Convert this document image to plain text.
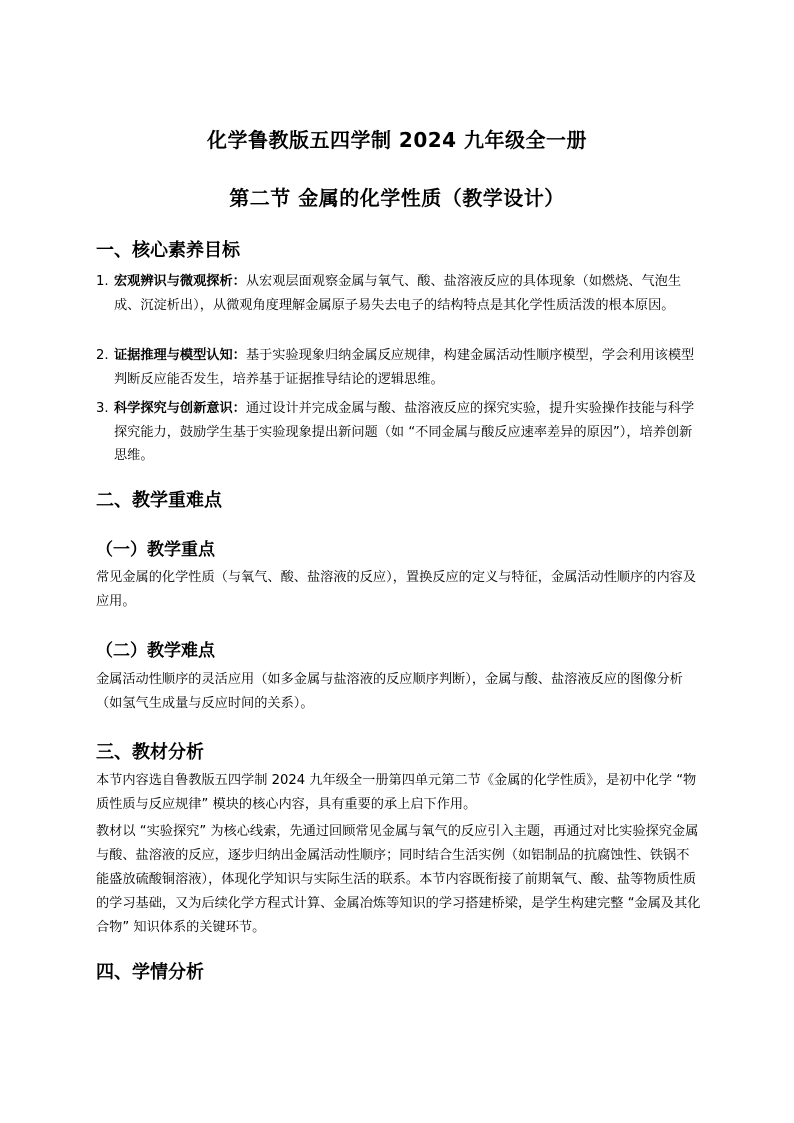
化学鲁教版五四学制 2024 九年级全一册
第二节 金属的化学性质（教学设计）
一、核心素养目标
1. 宏观辨识与微观探析：从宏观层面观察金属与氧气、酸、盐溶液反应的具体现象（如燃烧、气泡生成、沉淀析出），从微观角度理解金属原子易失去电子的结构特点是其化学性质活泼的根本原因。
2. 证据推理与模型认知：基于实验现象归纳金属反应规律，构建金属活动性顺序模型，学会利用该模型判断反应能否发生，培养基于证据推导结论的逻辑思维。
3. 科学探究与创新意识：通过设计并完成金属与酸、盐溶液反应的探究实验，提升实验操作技能与科学探究能力，鼓励学生基于实验现象提出新问题（如 “不同金属与酸反应速率差异的原因”），培养创新思维。
二、教学重难点
（一）教学重点
常见金属的化学性质（与氧气、酸、盐溶液的反应），置换反应的定义与特征，金属活动性顺序的内容及应用。
（二）教学难点
金属活动性顺序的灵活应用（如多金属与盐溶液的反应顺序判断），金属与酸、盐溶液反应的图像分析（如氢气生成量与反应时间的关系）。
三、教材分析
本节内容选自鲁教版五四学制 2024 九年级全一册第四单元第二节《金属的化学性质》，是初中化学 “物质性质与反应规律” 模块的核心内容，具有重要的承上启下作用。
教材以 “实验探究” 为核心线索，先通过回顾常见金属与氧气的反应引入主题，再通过对比实验探究金属与酸、盐溶液的反应，逐步归纳出金属活动性顺序；同时结合生活实例（如铝制品的抗腐蚀性、铁锅不能盛放硫酸铜溶液），体现化学知识与实际生活的联系。本节内容既衔接了前期氧气、酸、盐等物质性质的学习基础，又为后续化学方程式计算、金属冶炼等知识的学习搭建桥梁，是学生构建完整 “金属及其化合物” 知识体系的关键环节。
四、学情分析
